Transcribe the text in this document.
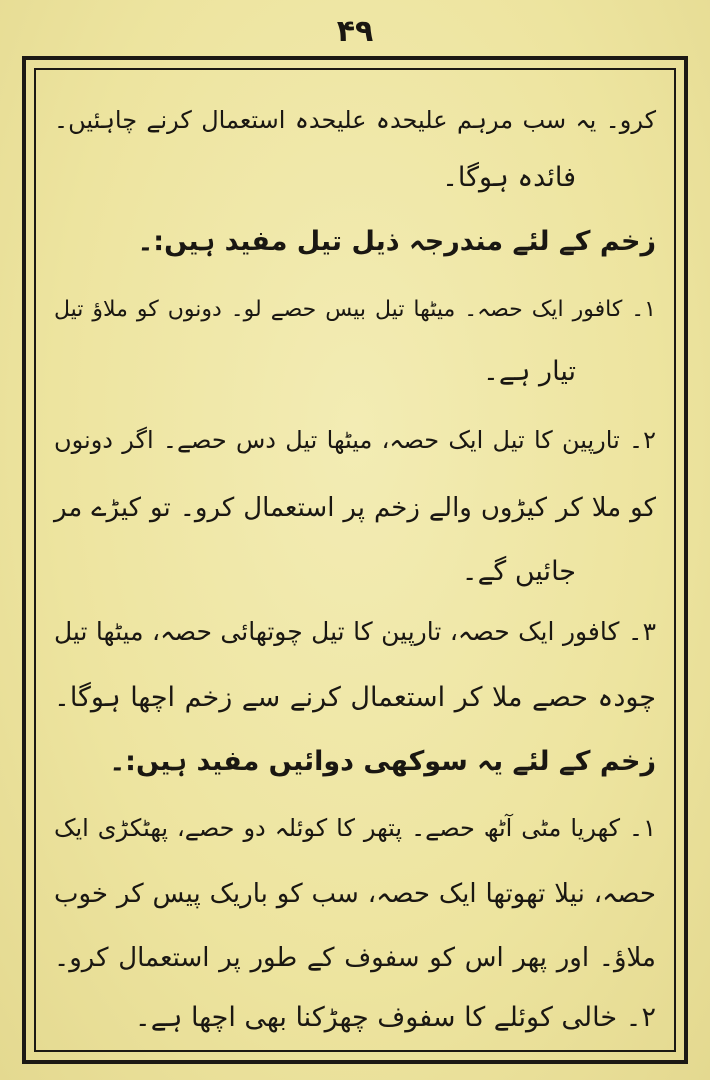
۴۹
کرو۔ یہ سب مرہم علیحدہ علیحدہ استعمال کرنے چاہئیں۔
فائدہ ہوگا۔
زخم کے لئے مندرجہ ذیل تیل مفید ہیں:۔
۱۔ کافور ایک حصہ۔ میٹھا تیل بیس حصے لو۔ دونوں کو ملاؤ تیل
تیار ہے۔
۲۔ تارپین کا تیل ایک حصہ، میٹھا تیل دس حصے۔ اگر دونوں
کو ملا کر کیڑوں والے زخم پر استعمال کرو۔ تو کیڑے مر
جائیں گے۔
۳۔ کافور ایک حصہ، تارپین کا تیل چوتھائی حصہ، میٹھا تیل
چودہ حصے ملا کر استعمال کرنے سے زخم اچھا ہوگا۔
زخم کے لئے یہ سوکھی دوائیں مفید ہیں:۔
۱۔ کھریا مٹی آٹھ حصے۔ پتھر کا کوئلہ دو حصے، پھٹکڑی ایک
حصہ، نیلا تھوتھا ایک حصہ، سب کو باریک پیس کر خوب
ملاؤ۔ اور پھر اس کو سفوف کے طور پر استعمال کرو۔
۲۔ خالی کوئلے کا سفوف چھڑکنا بھی اچھا ہے۔
